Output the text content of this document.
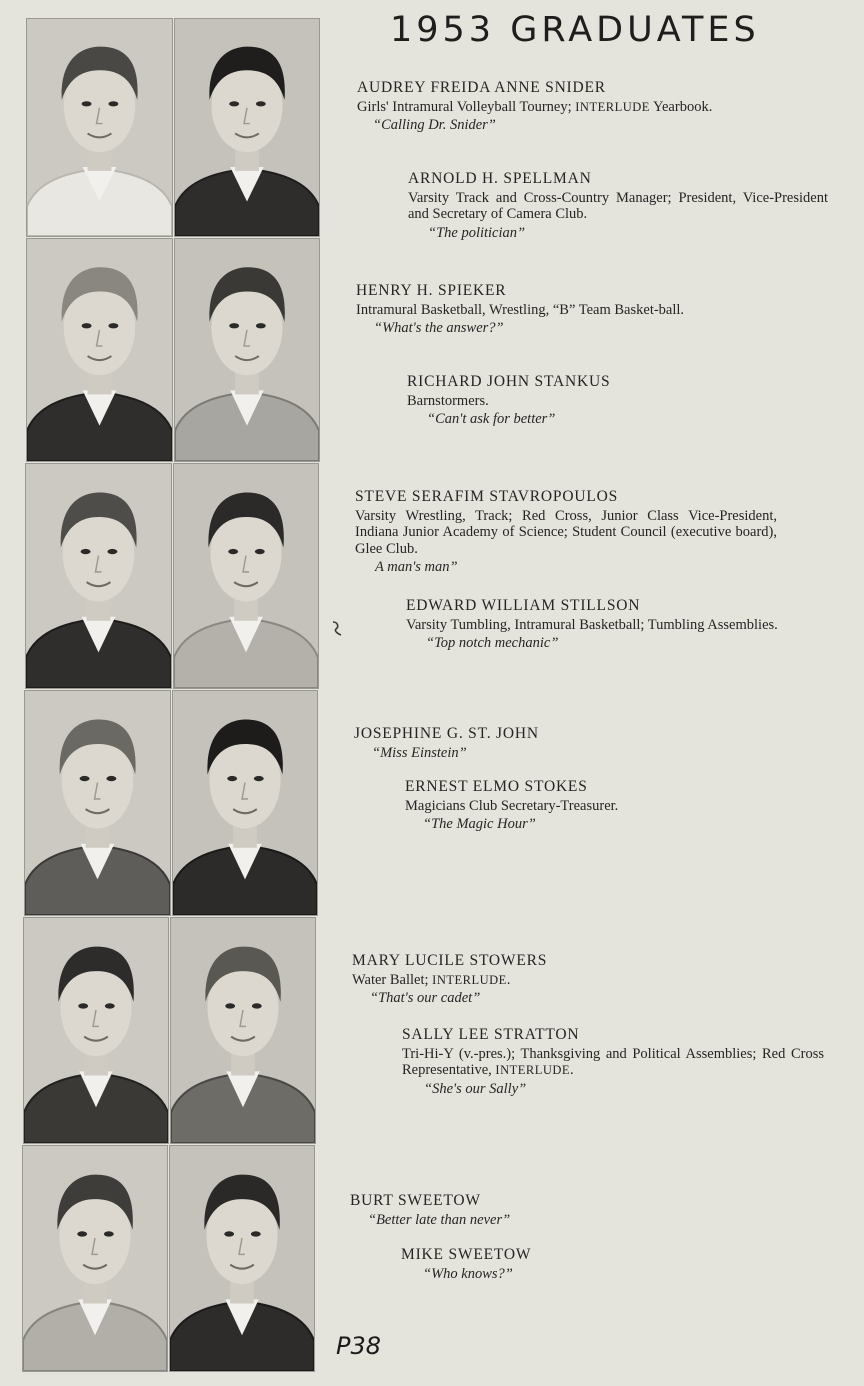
1953 GRADUATES
AUDREY FREIDA ANNE SNIDER
Girls' Intramural Volleyball Tourney; INTERLUDE Yearbook.
“Calling Dr. Snider”
ARNOLD H. SPELLMAN
Varsity Track and Cross-Country Manager; President, Vice-President and Secretary of Camera Club.
“The politician”
HENRY H. SPIEKER
Intramural Basketball, Wrestling, “B” Team Basket-ball.
“What's the answer?”
RICHARD JOHN STANKUS
Barnstormers.
“Can't ask for better”
STEVE SERAFIM STAVROPOULOS
Varsity Wrestling, Track; Red Cross, Junior Class Vice-President, Indiana Junior Academy of Science; Student Council (executive board), Glee Club.
A man's man”
EDWARD WILLIAM STILLSON
Varsity Tumbling, Intramural Basketball; Tumbling Assemblies.
“Top notch mechanic”
JOSEPHINE G. ST. JOHN
“Miss Einstein”
ERNEST ELMO STOKES
Magicians Club Secretary-Treasurer.
“The Magic Hour”
MARY LUCILE STOWERS
Water Ballet; INTERLUDE.
“That's our cadet”
SALLY LEE STRATTON
Tri-Hi-Y (v.-pres.); Thanksgiving and Political Assemblies; Red Cross Representative, INTERLUDE.
“She's our Sally”
BURT SWEETOW
“Better late than never”
MIKE SWEETOW
“Who knows?”
P38
